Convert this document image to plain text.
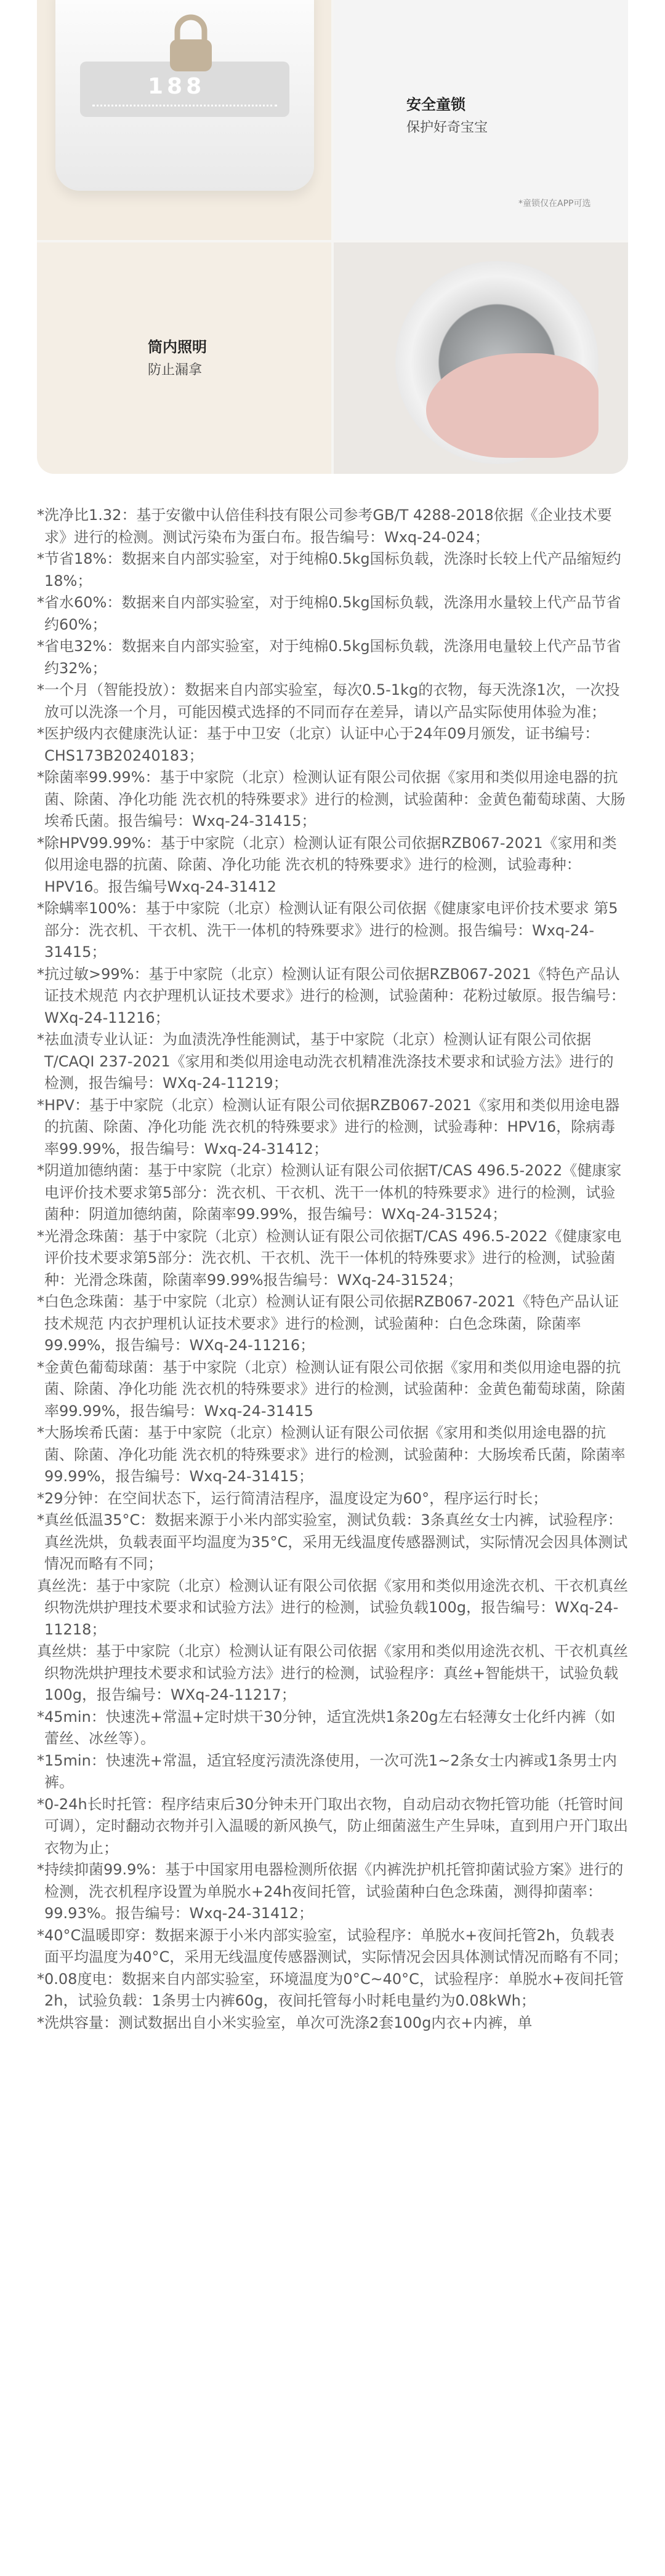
188
安全童锁
保护好奇宝宝
*童锁仅在APP可选
筒内照明
防止漏拿

*洗净比1.32：基于安徽中认倍佳科技有限公司参考GB/T 4288-2018依据《企业技术要求》进行的检测。测试污染布为蛋白布。报告编号：Wxq-24-024；

*节省18%：数据来自内部实验室，对于纯棉0.5kg国标负载，洗涤时长较上代产品缩短约18%；

*省水60%：数据来自内部实验室，对于纯棉0.5kg国标负载，洗涤用水量较上代产品节省约60%；

*省电32%：数据来自内部实验室，对于纯棉0.5kg国标负载，洗涤用电量较上代产品节省约32%；

*一个月（智能投放）：数据来自内部实验室，每次0.5-1kg的衣物，每天洗涤1次，一次投放可以洗涤一个月，可能因模式选择的不同而存在差异，请以产品实际使用体验为准；

*医护级内衣健康洗认证：基于中卫安（北京）认证中心于24年09月颁发，证书编号：CHS173B20240183；

*除菌率99.99%：基于中家院（北京）检测认证有限公司依据《家用和类似用途电器的抗菌、除菌、净化功能 洗衣机的特殊要求》进行的检测，试验菌种：金黄色葡萄球菌、大肠埃希氏菌。报告编号：Wxq-24-31415；

*除HPV99.99%：基于中家院（北京）检测认证有限公司依据RZB067-2021《家用和类似用途电器的抗菌、除菌、净化功能 洗衣机的特殊要求》进行的检测，试验毒种：HPV16。报告编号Wxq-24-31412

*除螨率100%：基于中家院（北京）检测认证有限公司依据《健康家电评价技术要求 第5部分：洗衣机、干衣机、洗干一体机的特殊要求》进行的检测。报告编号：Wxq-24-31415；

*抗过敏>99%：基于中家院（北京）检测认证有限公司依据RZB067-2021《特色产品认证技术规范 内衣护理机认证技术要求》进行的检测，试验菌种：花粉过敏原。报告编号：WXq-24-11216；

*祛血渍专业认证：为血渍洗净性能测试，基于中家院（北京）检测认证有限公司依据 T/CAQI 237-2021《家用和类似用途电动洗衣机精准洗涤技术要求和试验方法》进行的检测，报告编号：WXq-24-11219；

*HPV：基于中家院（北京）检测认证有限公司依据RZB067-2021《家用和类似用途电器的抗菌、除菌、净化功能 洗衣机的特殊要求》进行的检测，试验毒种：HPV16，除病毒率99.99%，报告编号：Wxq-24-31412；

*阴道加德纳菌：基于中家院（北京）检测认证有限公司依据T/CAS 496.5-2022《健康家电评价技术要求第5部分：洗衣机、干衣机、洗干一体机的特殊要求》进行的检测，试验菌种：阴道加德纳菌，除菌率99.99%，报告编号：WXq-24-31524；

*光滑念珠菌：基于中家院（北京）检测认证有限公司依据T/CAS 496.5-2022《健康家电评价技术要求第5部分：洗衣机、干衣机、洗干一体机的特殊要求》进行的检测，试验菌种：光滑念珠菌，除菌率99.99%报告编号：WXq-24-31524；

*白色念珠菌：基于中家院（北京）检测认证有限公司依据RZB067-2021《特色产品认证技术规范 内衣护理机认证技术要求》进行的检测，试验菌种：白色念珠菌，除菌率99.99%，报告编号：WXq-24-11216；

*金黄色葡萄球菌：基于中家院（北京）检测认证有限公司依据《家用和类似用途电器的抗菌、除菌、净化功能 洗衣机的特殊要求》进行的检测，试验菌种：金黄色葡萄球菌，除菌率99.99%，报告编号：Wxq-24-31415

*大肠埃希氏菌：基于中家院（北京）检测认证有限公司依据《家用和类似用途电器的抗菌、除菌、净化功能 洗衣机的特殊要求》进行的检测，试验菌种：大肠埃希氏菌，除菌率99.99%，报告编号：Wxq-24-31415；

*29分钟：在空间状态下，运行简清洁程序，温度设定为60°，程序运行时长；

*真丝低温35°C：数据来源于小米内部实验室，测试负载：3条真丝女士内裤，试验程序：真丝洗烘，负载表面平均温度为35°C，采用无线温度传感器测试，实际情况会因具体测试情况而略有不同；

真丝洗：基于中家院（北京）检测认证有限公司依据《家用和类似用途洗衣机、干衣机真丝织物洗烘护理技术要求和试验方法》进行的检测，试验负载100g，报告编号：WXq-24-11218；

真丝烘：基于中家院（北京）检测认证有限公司依据《家用和类似用途洗衣机、干衣机真丝织物洗烘护理技术要求和试验方法》进行的检测，试验程序：真丝+智能烘干，试验负载100g，报告编号：WXq-24-11217；

*45min：快速洗+常温+定时烘干30分钟，适宜洗烘1条20g左右轻薄女士化纤内裤（如蕾丝、冰丝等）。

*15min：快速洗+常温，适宜轻度污渍洗涤使用，一次可洗1~2条女士内裤或1条男士内裤。

*0-24h长时托管：程序结束后30分钟未开门取出衣物，自动启动衣物托管功能（托管时间可调），定时翻动衣物并引入温暖的新风换气，防止细菌滋生产生异味，直到用户开门取出衣物为止；

*持续抑菌99.9%：基于中国家用电器检测所依据《内裤洗护机托管抑菌试验方案》进行的检测，洗衣机程序设置为单脱水+24h夜间托管，试验菌种白色念珠菌，测得抑菌率：99.93%。报告编号：Wxq-24-31412；

*40°C温暖即穿：数据来源于小米内部实验室，试验程序：单脱水+夜间托管2h，负载表面平均温度为40°C，采用无线温度传感器测试，实际情况会因具体测试情况而略有不同；

*0.08度电：数据来自内部实验室，环境温度为0°C~40°C，试验程序：单脱水+夜间托管2h，试验负载：1条男士内裤60g，夜间托管每小时耗电量约为0.08kWh；

*洗烘容量：测试数据出自小米实验室，单次可洗涤2套100g内衣+内裤，单
